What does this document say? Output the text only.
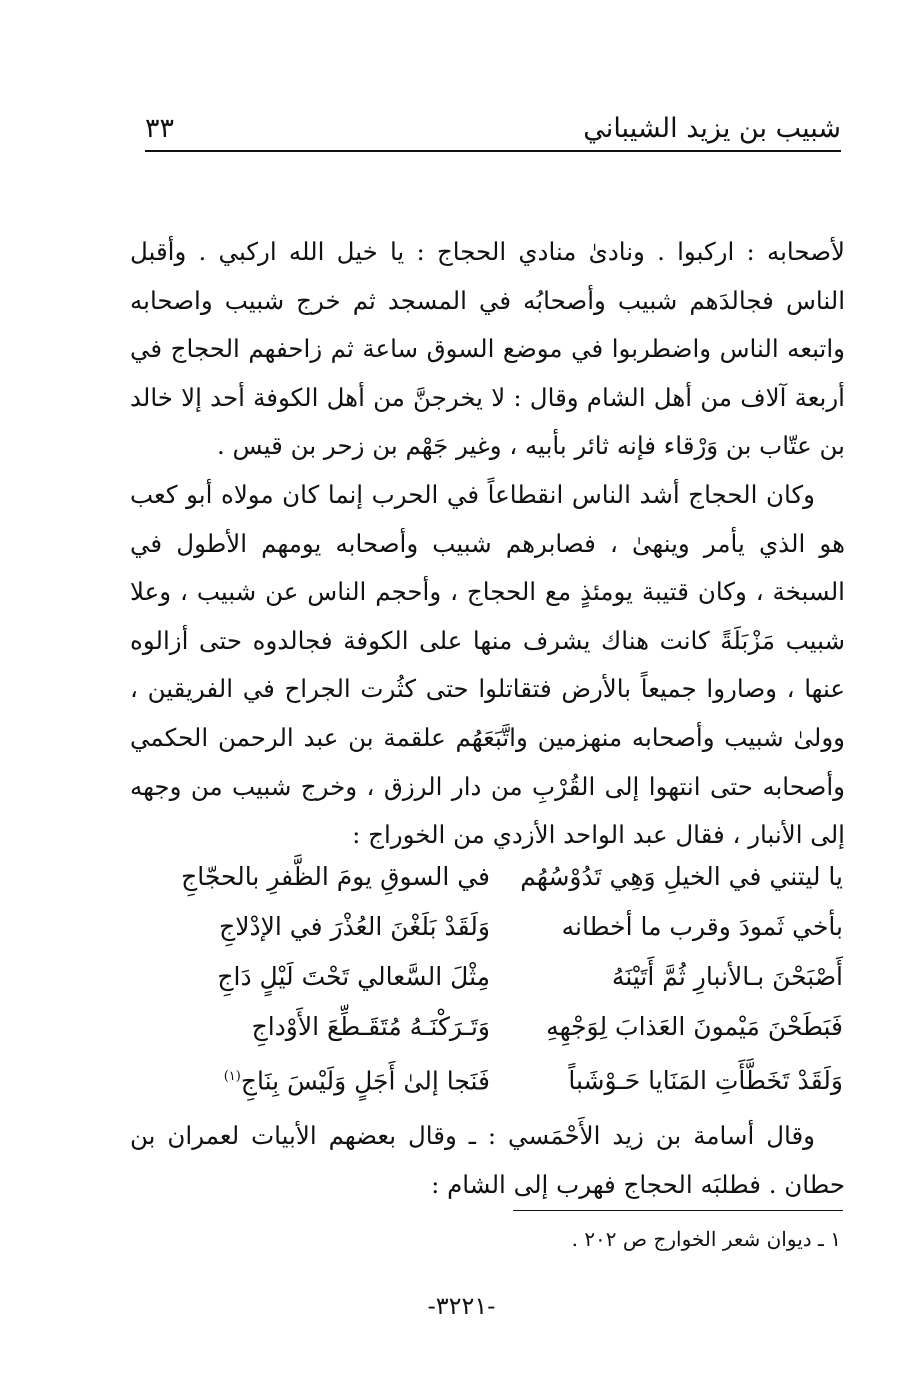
شبيب بن يزيد الشيباني
٣٣

لأصحابه : اركبوا . ونادىٰ منادي الحجاج : يا خيل الله اركبي . وأقبل الناس فجالدَهم شبيب وأصحابُه في المسجد ثم خرج شبيب واصحابه واتبعه الناس واضطربوا في موضع السوق ساعة ثم زاحفهم الحجاج في أربعة آلاف من أهل الشام وقال : لا يخرجنَّ من أهل الكوفة أحد إلا خالد بن عتّاب بن وَرْقاء فإنه ثائر بأبيه ، وغير جَهْم بن زحر بن قيس .

وكان الحجاج أشد الناس انقطاعاً في الحرب إنما كان مولاه أبو كعب هو الذي يأمر وينهىٰ ، فصابرهم شبيب وأصحابه يومهم الأطول في السبخة ، وكان قتيبة يومئذٍ مع الحجاج ، وأحجم الناس عن شبيب ، وعلا شبيب مَزْبَلَةً كانت هناك يشرف منها على الكوفة فجالدوه حتى أزالوه عنها ، وصاروا جميعاً بالأرض فتقاتلوا حتى كثُرت الجراح في الفريقين ، وولىٰ شبيب وأصحابه منهزمين واتَّبَعَهُم علقمة بن عبد الرحمن الحكمي وأصحابه حتى انتهوا إلى القُرْبِ من دار الرزق ، وخرج شبيب من وجهه إلى الأنبار ، فقال عبد الواحد الأزدي من الخوراج :

يا ليتني في الخيلِ وَهِي تَدُوْسُهُم
في السوقِ يومَ الظَّفرِ بالحجّاجِ
بأخي ثَمودَ وقرب ما أخطانه
وَلَقَدْ بَلَغْنَ العُذْرَ في الإدْلاجِ
أَصْبَحْنَ بـالأنبارِ ثُمَّ أَتَيْنَهُ
مِثْلَ السَّعالي تَحْتَ لَيْلٍ دَاجِ
فَبَطَحْنَ مَيْمونَ العَذابَ لِوَجْهِهِ
وَتَـرَكْنَـهُ مُتَقَـطِّعَ الأَوْداجِ
وَلَقَدْ تَخَطَّأَتِ المَنَايا حَـوْشَباً
فَنَجا إلىٰ أَجَلٍ وَلَيْسَ بِنَاجِ$^{(١)}$

وقال أسامة بن زيد الأَحْمَسي : ـ وقال بعضهم الأبيات لعمران بن حطان . فطلبَه الحجاج فهرب إلى الشام :

١ ـ ديوان شعر الخوارج ص ٢٠٢ .
-٣٢٢١-
